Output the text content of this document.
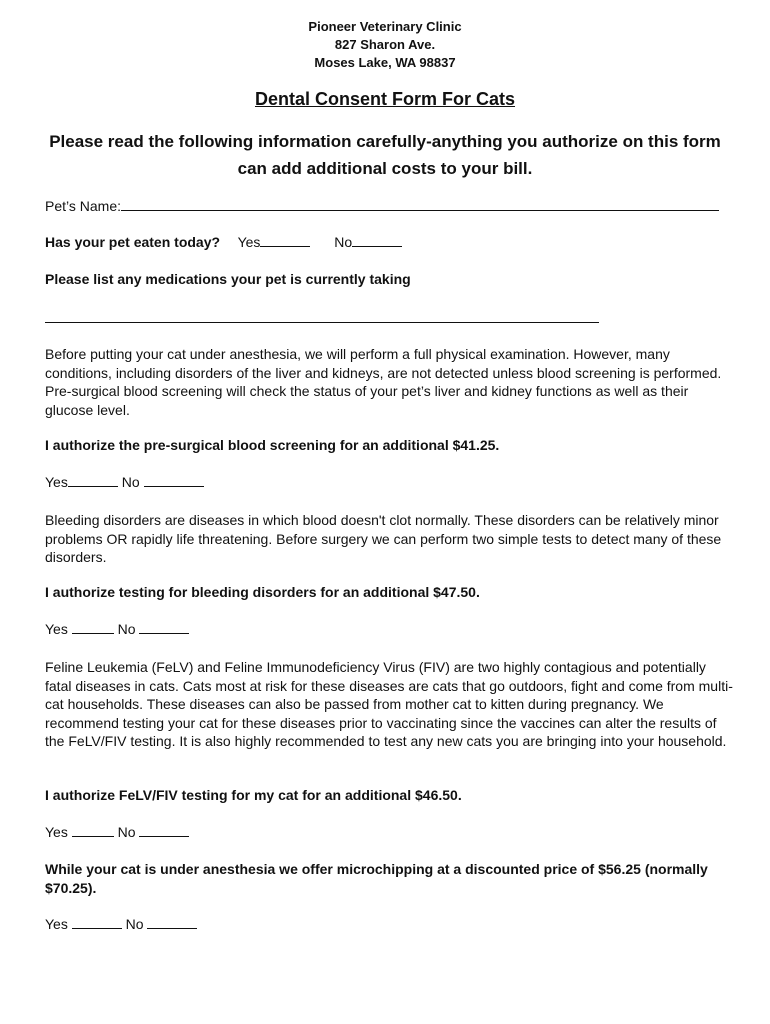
Pioneer Veterinary Clinic
827 Sharon Ave.
Moses Lake, WA 98837
Dental Consent Form For Cats
Please read the following information carefully-anything you authorize on this form can add additional costs to your bill.
Pet’s Name:
Has your pet eaten today? Yes	No
Please list any medications your pet is currently taking
Before putting your cat under anesthesia, we will perform a full physical examination. However, many conditions, including disorders of the liver and kidneys, are not detected unless blood screening is performed. Pre-surgical blood screening will check the status of your pet’s liver and kidney functions as well as their glucose level.
I authorize the pre-surgical blood screening for an additional $41.25.
Yes	No
Bleeding disorders are diseases in which blood doesn't clot normally. These disorders can be relatively minor problems OR rapidly life threatening. Before surgery we can perform two simple tests to detect many of these disorders.
I authorize testing for bleeding disorders for an additional $47.50.
Yes	No
Feline Leukemia (FeLV) and Feline Immunodeficiency Virus (FIV) are two highly contagious and potentially fatal diseases in cats. Cats most at risk for these diseases are cats that go outdoors, fight and come from multi-cat households. These diseases can also be passed from mother cat to kitten during pregnancy. We recommend testing your cat for these diseases prior to vaccinating since the vaccines can alter the results of the FeLV/FIV testing. It is also highly recommended to test any new cats you are bringing into your household.
I authorize FeLV/FIV testing for my cat for an additional $46.50.
Yes	No
While your cat is under anesthesia we offer microchipping at a discounted price of $56.25 (normally $70.25).
Yes	No
